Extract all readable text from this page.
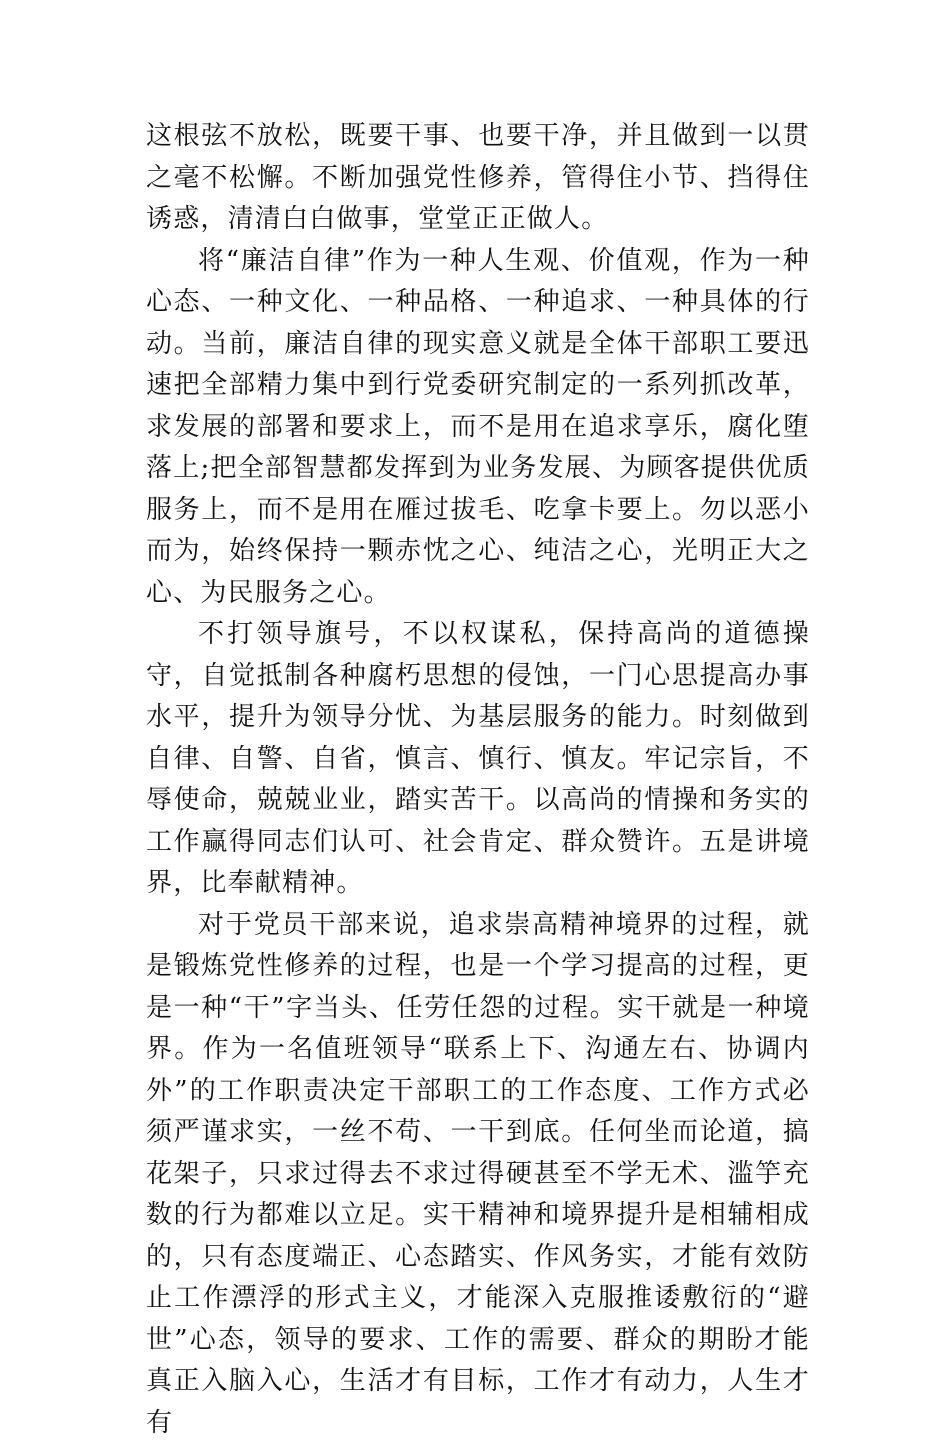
这根弦不放松，既要干事、也要干净，并且做到一以贯之毫不松懈。不断加强党性修养，管得住小节、挡得住诱惑，清清白白做事，堂堂正正做人。

将“廉洁自律”作为一种人生观、价值观，作为一种心态、一种文化、一种品格、一种追求、一种具体的行动。当前，廉洁自律的现实意义就是全体干部职工要迅速把全部精力集中到行党委研究制定的一系列抓改革，求发展的部署和要求上，而不是用在追求享乐，腐化堕落上;把全部智慧都发挥到为业务发展、为顾客提供优质服务上，而不是用在雁过拔毛、吃拿卡要上。勿以恶小而为，始终保持一颗赤忱之心、纯洁之心，光明正大之心、为民服务之心。

不打领导旗号，不以权谋私，保持高尚的道德操守，自觉抵制各种腐朽思想的侵蚀，一门心思提高办事水平，提升为领导分忧、为基层服务的能力。时刻做到自律、自警、自省，慎言、慎行、慎友。牢记宗旨，不辱使命，兢兢业业，踏实苦干。以高尚的情操和务实的工作赢得同志们认可、社会肯定、群众赞许。五是讲境界，比奉献精神。

对于党员干部来说，追求崇高精神境界的过程，就是锻炼党性修养的过程，也是一个学习提高的过程，更是一种“干”字当头、任劳任怨的过程。实干就是一种境界。作为一名值班领导“联系上下、沟通左右、协调内外”的工作职责决定干部职工的工作态度、工作方式必须严谨求实，一丝不苟、一干到底。任何坐而论道，搞花架子，只求过得去不求过得硬甚至不学无术、滥竽充数的行为都难以立足。实干精神和境界提升是相辅相成的，只有态度端正、心态踏实、作风务实，才能有效防止工作漂浮的形式主义，才能深入克服推诿敷衍的“避世”心态，领导的要求、工作的需要、群众的期盼才能真正入脑入心，生活才有目标，工作才有动力，人生才有
